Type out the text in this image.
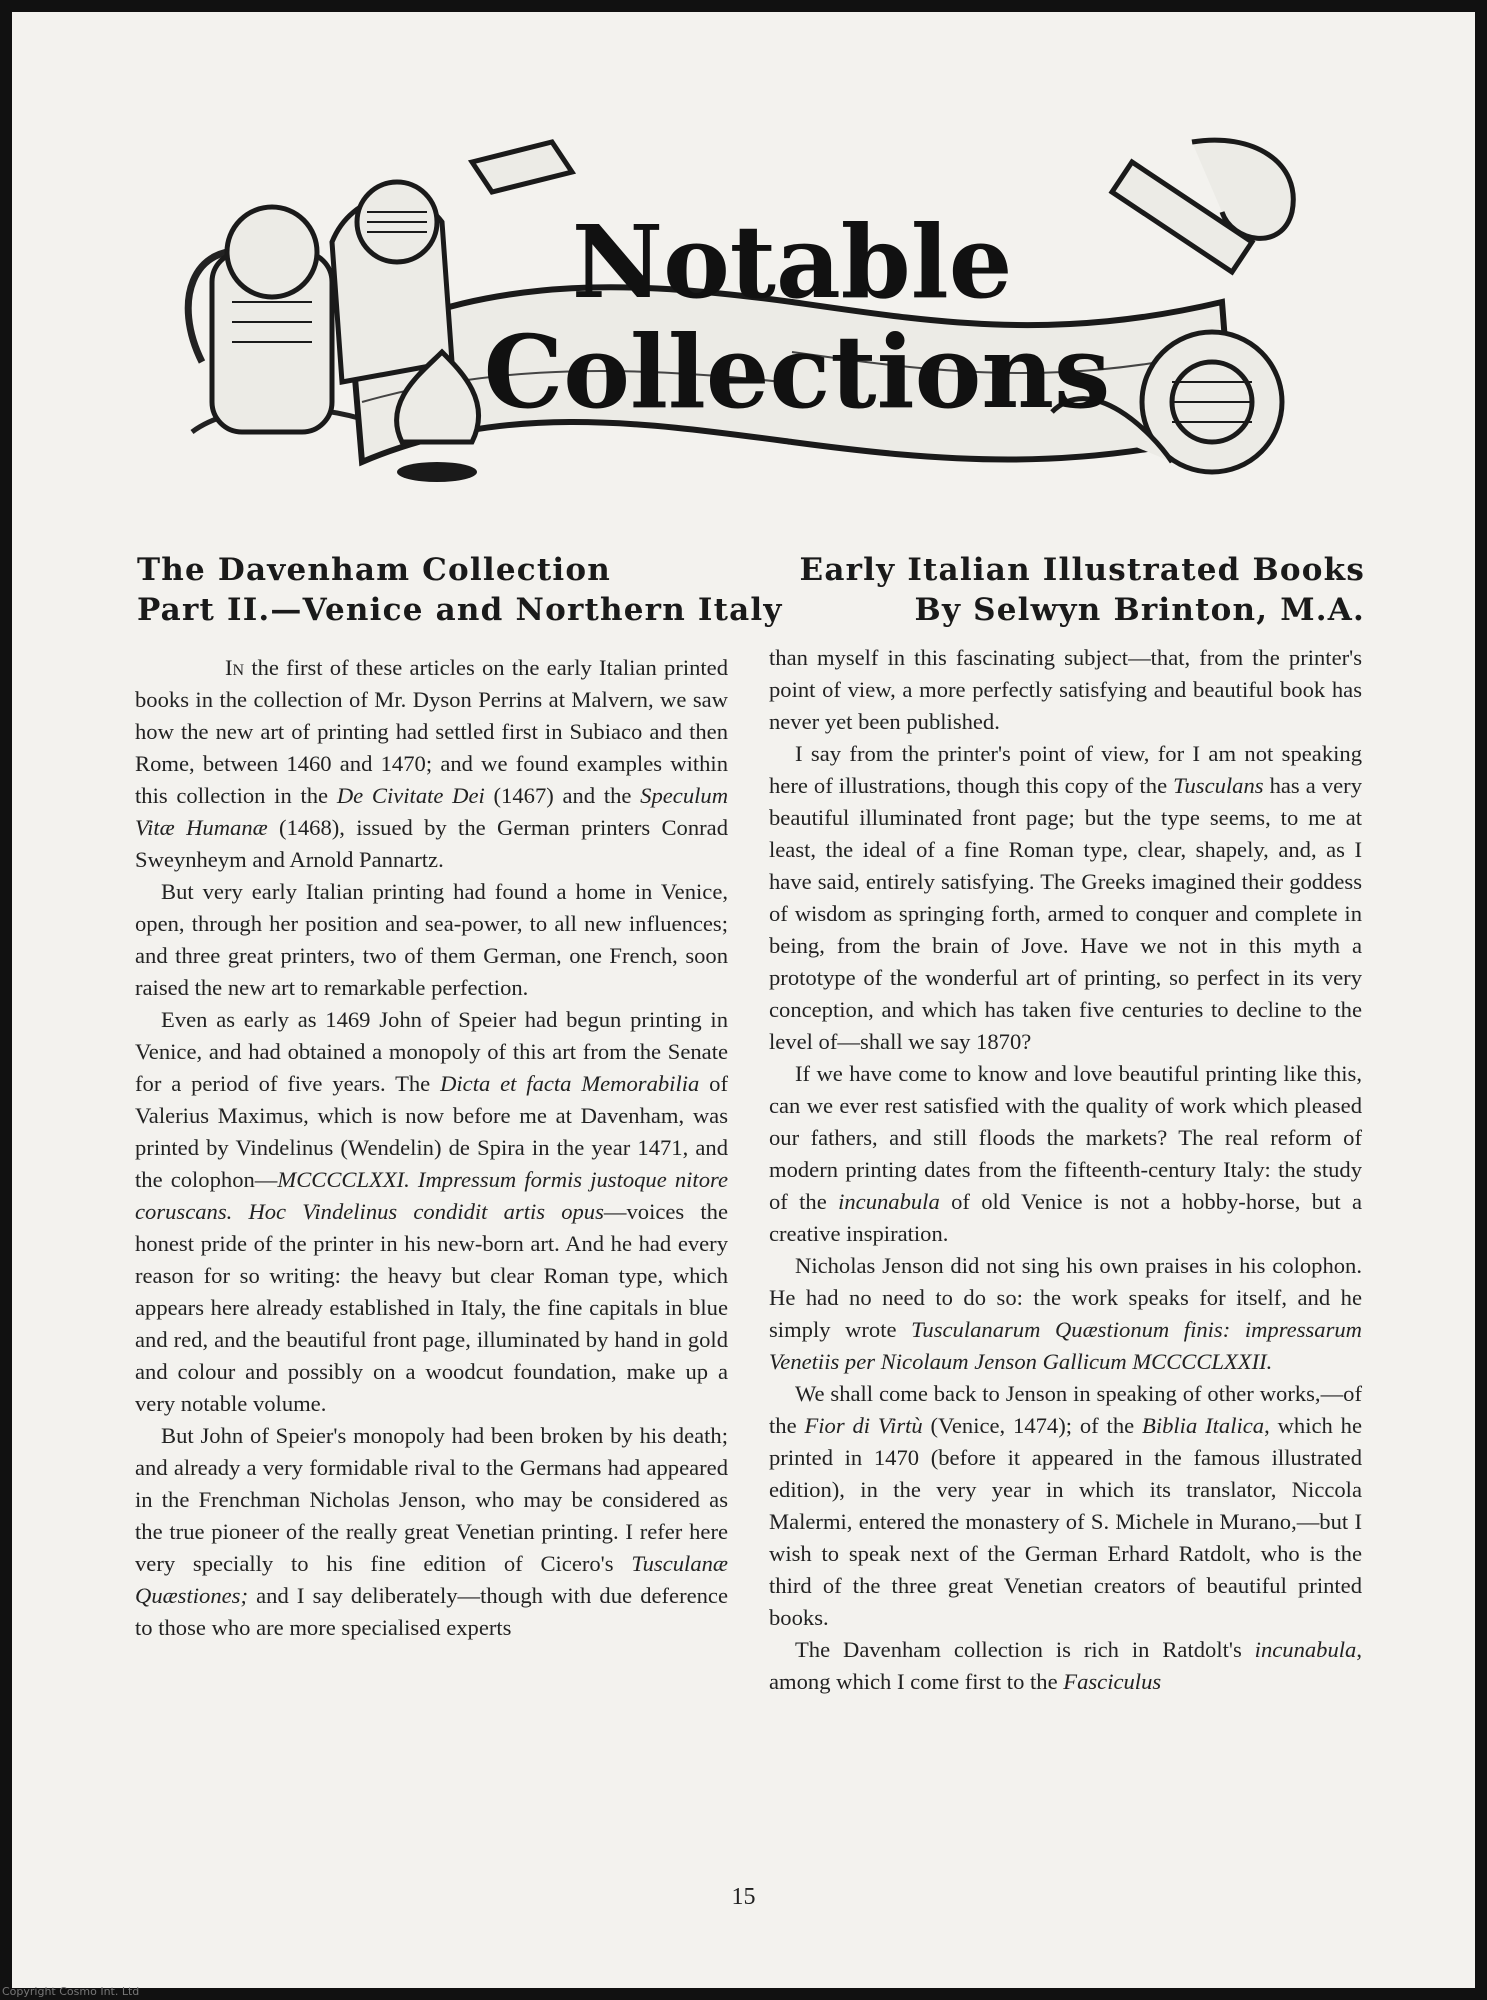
Notable
Collections
The Davenham Collection	Early Italian Illustrated Books
Part II.—Venice and Northern Italy	By Selwyn Brinton, M.A.

In the first of these articles on the early Italian printed books in the collection of Mr. Dyson Perrins at Malvern, we saw how the new art of printing had settled first in Subiaco and then Rome, between 1460 and 1470; and we found examples within this collection in the De Civitate Dei (1467) and the Speculum Vitæ Humanæ (1468), issued by the German printers Conrad Sweynheym and Arnold Pannartz.

But very early Italian printing had found a home in Venice, open, through her position and sea-power, to all new influences; and three great printers, two of them German, one French, soon raised the new art to remarkable perfection.

Even as early as 1469 John of Speier had begun printing in Venice, and had obtained a monopoly of this art from the Senate for a period of five years. The Dicta et facta Memorabilia of Valerius Maximus, which is now before me at Davenham, was printed by Vindelinus (Wendelin) de Spira in the year 1471, and the colophon—MCCCCLXXI. Impressum formis justoque nitore coruscans. Hoc Vindelinus condidit artis opus—voices the honest pride of the printer in his new-born art. And he had every reason for so writing: the heavy but clear Roman type, which appears here already established in Italy, the fine capitals in blue and red, and the beautiful front page, illuminated by hand in gold and colour and possibly on a woodcut foundation, make up a very notable volume.

But John of Speier's monopoly had been broken by his death; and already a very formidable rival to the Germans had appeared in the Frenchman Nicholas Jenson, who may be considered as the true pioneer of the really great Venetian printing. I refer here very specially to his fine edition of Cicero's Tusculanæ Quæstiones; and I say deliberately—though with due deference to those who are more specialised experts

than myself in this fascinating subject—that, from the printer's point of view, a more perfectly satisfying and beautiful book has never yet been published.

I say from the printer's point of view, for I am not speaking here of illustrations, though this copy of the Tusculans has a very beautiful illuminated front page; but the type seems, to me at least, the ideal of a fine Roman type, clear, shapely, and, as I have said, entirely satisfying. The Greeks imagined their goddess of wisdom as springing forth, armed to conquer and complete in being, from the brain of Jove. Have we not in this myth a prototype of the wonderful art of printing, so perfect in its very conception, and which has taken five centuries to decline to the level of—shall we say 1870?

If we have come to know and love beautiful printing like this, can we ever rest satisfied with the quality of work which pleased our fathers, and still floods the markets? The real reform of modern printing dates from the fifteenth-century Italy: the study of the incunabula of old Venice is not a hobby-horse, but a creative inspiration.

Nicholas Jenson did not sing his own praises in his colophon. He had no need to do so: the work speaks for itself, and he simply wrote Tusculanarum Quæstionum finis: impressarum Venetiis per Nicolaum Jenson Gallicum MCCCCLXXII.

We shall come back to Jenson in speaking of other works,—of the Fior di Virtù (Venice, 1474); of the Biblia Italica, which he printed in 1470 (before it appeared in the famous illustrated edition), in the very year in which its translator, Niccola Malermi, entered the monastery of S. Michele in Murano,—but I wish to speak next of the German Erhard Ratdolt, who is the third of the three great Venetian creators of beautiful printed books.

The Davenham collection is rich in Ratdolt's incunabula, among which I come first to the Fasciculus

15
Copyright Cosmo Int. Ltd
